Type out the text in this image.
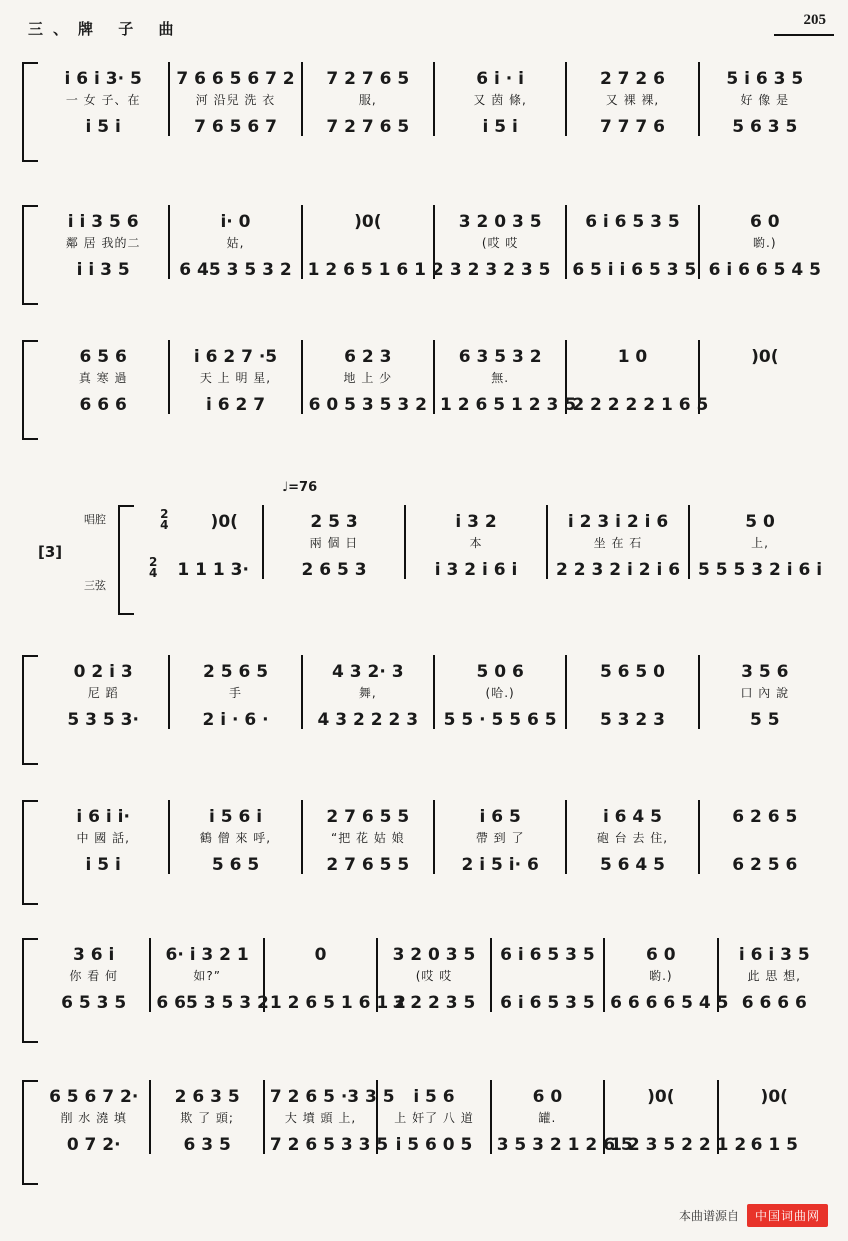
三、牌 子 曲	205
i 6 i 3· 5
一 女 子、在
i 5 i
7 6 6 5 6 7 2
河 沿兒 洗 衣
7 6 5 6 7
7 2 7 6 5
服,
7 2 7 6 5
6 i · i
又 茵 條,
i 5 i
2 7 2 6
又 裸 裸,
7 7 7 6
5 i 6 3 5
好 像 是
5 6 3 5
i i 3 5 6
鄰 居 我的二
i i 3 5
i· 0
姑,
6 45 3 5 3 2
)0(
1 2 6 5 1 6 1 2
3 2 0 3 5
(哎 哎
3 2 3 2 3 5
6 i 6 5 3 5
6 5 i i 6 5 3 5
6 0
喲.)
6 i 6 6 5 4 5
6 5 6
真 寒 過
6 6 6
i 6 2 7 ·5
天 上 明 星,
i 6 2 7
6 2 3
地 上 少
6 0 5 3 5 3 2
6 3 5 3 2
無.
1 2 6 5 1 2 3 5
1 0
2 2 2 2 2 1 6 5
)0(
♩=76
[3]
唱腔
三弦
2
4 )0(
2
4 1 1 1 3·
2 5 3
兩 個 日
2 6 5 3
i 3 2
本
i 3 2 i 6 i
i 2 3 i 2 i 6
坐 在 石
2 2 3 2 i 2 i 6
5 0
上,
5 5 5 3 2 i 6 i
0 2 i 3
尼 蹈
5 3 5 3·
2 5 6 5
手
2 i · 6 ·
4 3 2· 3
舞,
4 3 2 2 2 3
5 0 6
(哈.)
5 5 · 5 5 6 5
5 6 5 0
5 3 2 3
3 5 6
口 內 說
5 5
i 6 i i·
中 國 話,
i 5 i
i 5 6 i
鶴 僧 來 呼,
5 6 5
2 7 6 5 5
“把 花 姑 娘
2 7 6 5 5
i 6 5
帶 到 了
2 i 5 i· 6
i 6 4 5
砲 台 去 住,
5 6 4 5
6 2 6 5
6 2 5 6
3 6 i
你 看 何
6 5 3 5
6· i 3 2 1
如?”
6 65 3 5 3 2
0
1 2 6 5 1 6 1 2
3 2 0 3 5
(哎 哎
3 2 2 3 5
6 i 6 5 3 5
6 i 6 5 3 5
6 0
喲.)
6 6 6 6 5 4 5
i 6 i 3 5
此 思 想,
6 6 6 6
6 5 6 7 2·
削 水 澆 填
0 7 2·
2 6 3 5
欺 了 頭;
6 3 5
7 2 6 5 ·3 3 5
大 墳 頭 上,
7 2 6 5 3 3 5
i 5 6
上 奸了 八 道
i 5 6 0 5
6 0
罐.
3 5 3 2 1 2 6 5
)0(
1 2 3 5 2 2 1 2
)0(
6 1 5
本曲谱源自	中国词曲网
